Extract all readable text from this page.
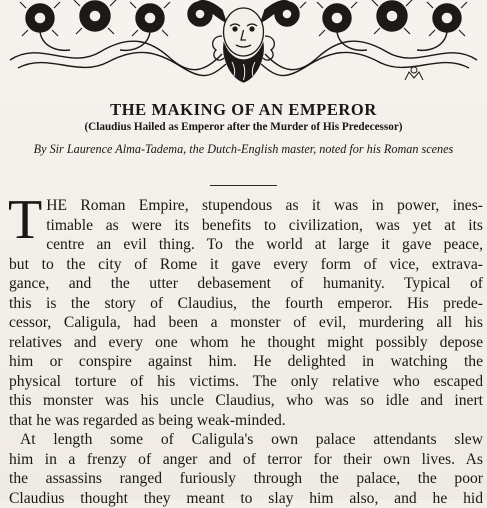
THE MAKING OF AN EMPEROR

(Claudius Hailed as Emperor after the Murder of His Predecessor)

By Sir Laurence Alma-Tadema, the Dutch-English master, noted for his Roman scenes

T HE Roman Empire, stupendous as it was in power, ines-
timable as were its benefits to civilization, was yet at its
centre an evil thing. To the world at large it gave peace,
but to the city of Rome it gave every form of vice, extrava-
gance, and the utter debasement of humanity. Typical of
this is the story of Claudius, the fourth emperor. His prede-
cessor, Caligula, had been a monster of evil, murdering all his
relatives and every one whom he thought might possibly depose
him or conspire against him. He delighted in watching the
physical torture of his victims. The only relative who escaped
this monster was his uncle Claudius, who was so idle and inert
that he was regarded as being weak-minded.
At length some of Caligula's own palace attendants slew
him in a frenzy of anger and of terror for their own lives. As
the assassins ranged furiously through the palace, the poor
Claudius thought they meant to slay him also, and he hid
